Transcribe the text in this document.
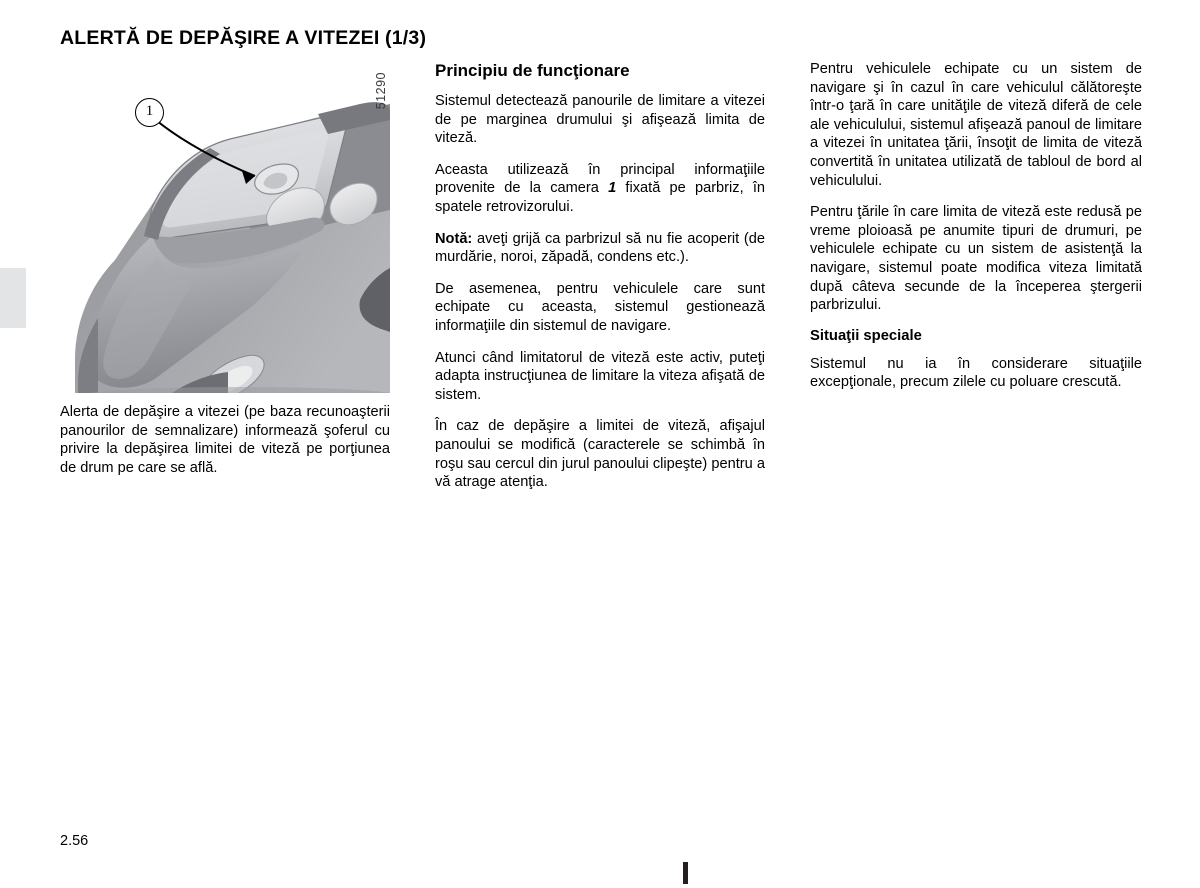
ALERTĂ DE DEPĂŞIRE A VITEZEI (1/3)
1
51290
Alerta de depăşire a vitezei (pe baza recunoaşterii panourilor de semnalizare) informează şoferul cu privire la depăşirea limitei de viteză pe porţiunea de drum pe care se află.
Principiu de funcţionare

Sistemul detectează panourile de limitare a vitezei de pe marginea drumului şi afişează limita de viteză.

Aceasta utilizează în principal informaţiile provenite de la camera 1 fixată pe parbriz, în spatele retrovizorului.

Notă: aveţi grijă ca parbrizul să nu fie acoperit (de murdărie, noroi, zăpadă, condens etc.).

De asemenea, pentru vehiculele care sunt echipate cu aceasta, sistemul gestionează informaţiile din sistemul de navigare.

Atunci când limitatorul de viteză este activ, puteţi adapta instrucţiunea de limitare la viteza afişată de sistem.

În caz de depăşire a limitei de viteză, afişajul panoului se modifică (caracterele se schimbă în roşu sau cercul din jurul panoului clipeşte) pentru a vă atrage atenţia.

Pentru vehiculele echipate cu un sistem de navigare şi în cazul în care vehiculul călătoreşte într-o ţară în care unităţile de viteză diferă de cele ale vehiculului, sistemul afişează panoul de limitare a vitezei în unitatea ţării, însoţit de limita de viteză convertită în unitatea utilizată de tabloul de bord al vehiculului.

Pentru ţările în care limita de viteză este redusă pe vreme ploioasă pe anumite tipuri de drumuri, pe vehiculele echipate cu un sistem de asistenţă la navigare, sistemul poate modifica viteza limitată după câteva secunde de la începerea ştergerii parbrizului.

Situaţii speciale

Sistemul nu ia în considerare situaţiile excepţionale, precum zilele cu poluare crescută.

2.56
